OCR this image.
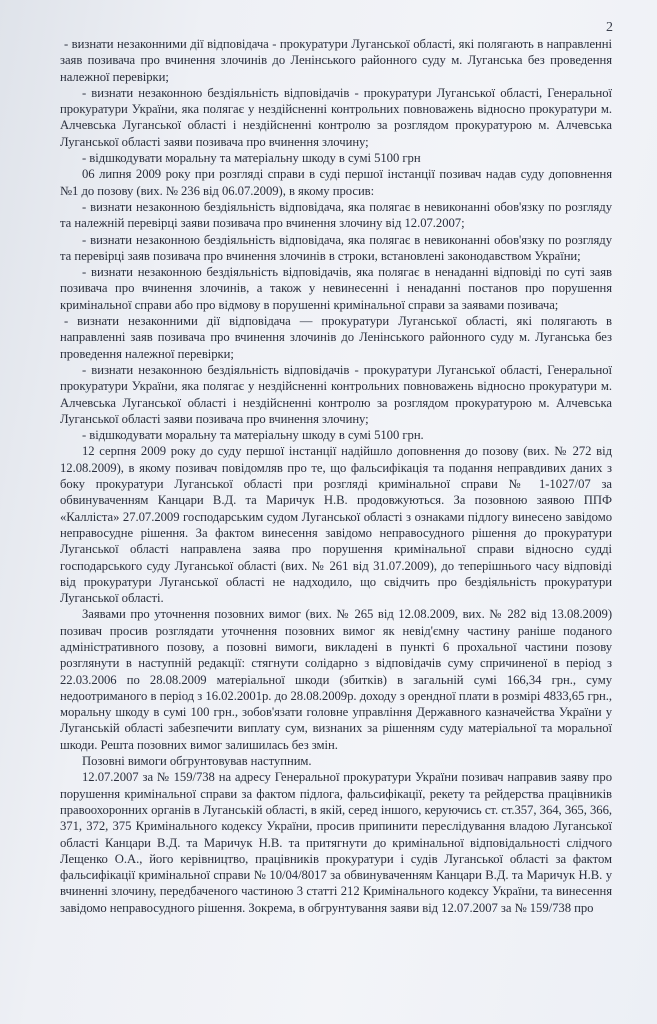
2

- визнати незаконними дії відповідача - прокуратури Луганської області, які полягають в направленні заяв позивача про вчинення злочинів до Ленінського районного суду м. Луганська без проведення належної перевірки;

- визнати незаконною бездіяльність відповідачів - прокуратури Луганської області, Генеральної прокуратури України, яка полягає у нездійсненні контрольних повноважень відносно прокуратури м. Алчевська Луганської області і нездійсненні контролю за розглядом прокуратурою м. Алчевська Луганської області заяви позивача про вчинення злочину;

- відшкодувати моральну та матеріальну шкоду в сумі 5100 грн

06 липня 2009 року при розгляді справи в суді першої інстанції позивач надав суду доповнення №1 до позову (вих. № 236 від 06.07.2009), в якому просив:

- визнати незаконною бездіяльність відповідача, яка полягає в невиконанні обов'язку по розгляду та належній перевірці заяви позивача про вчинення злочину від 12.07.2007;

- визнати незаконною бездіяльність відповідача, яка полягає в невиконанні обов'язку по розгляду та перевірці заяв позивача про вчинення злочинів в строки, встановлені законодавством України;

- визнати незаконною бездіяльність відповідачів, яка полягає в ненаданні відповіді по суті заяв позивача про вчинення злочинів, а також у невинесенні і ненаданні постанов про порушення кримінальної справи або про відмову в порушенні кримінальної справи за заявами позивача;

- визнати незаконними дії відповідача — прокуратури Луганської області, які полягають в направленні заяв позивача про вчинення злочинів до Ленінського районного суду м. Луганська без проведення належної перевірки;

- визнати незаконною бездіяльність відповідачів - прокуратури Луганської області, Генеральної прокуратури України, яка полягає у нездійсненні контрольних повноважень відносно прокуратури м. Алчевська Луганської області і нездійсненні контролю за розглядом прокуратурою м. Алчевська Луганської області заяви позивача про вчинення злочину;

- відшкодувати моральну та матеріальну шкоду в сумі 5100 грн.

12 серпня 2009 року до суду першої інстанції надійшло доповнення до позову (вих. № 272 від 12.08.2009), в якому позивач повідомляв про те, що фальсифікація та подання неправдивих даних з боку прокуратури Луганської області при розгляді кримінальної справи № 1-1027/07 за обвинуваченням Канцари В.Д. та Маричук Н.В. продовжуються. За позовною заявою ППФ «Калліста» 27.07.2009 господарським судом Луганської області з ознаками підлогу винесено завідомо неправосудне рішення. За фактом винесення завідомо неправосудного рішення до прокуратури Луганської області направлена заява про порушення кримінальної справи відносно судді господарського суду Луганської області (вих. № 261 від 31.07.2009), до теперішнього часу відповіді від прокуратури Луганської області не надходило, що свідчить про бездіяльність прокуратури Луганської області.

Заявами про уточнення позовних вимог (вих. № 265 від 12.08.2009, вих. № 282 від 13.08.2009) позивач просив розглядати уточнення позовних вимог як невід'ємну частину раніше поданого адміністративного позову, а позовні вимоги, викладені в пункті 6 прохальної частини позову розглянути в наступній редакції: стягнути солідарно з відповідачів суму спричиненої в період з 22.03.2006 по 28.08.2009 матеріальної шкоди (збитків) в загальній сумі 166,34 грн., суму недоотриманого в період з 16.02.2001р. до 28.08.2009р. доходу з орендної плати в розмірі 4833,65 грн., моральну шкоду в сумі 100 грн., зобов'язати головне управління Державного казначейства України у Луганській області забезпечити виплату сум, визнаних за рішенням суду матеріальної та моральної шкоди. Решта позовних вимог залишилась без змін.

Позовні вимоги обгрунтовував наступним.

12.07.2007 за № 159/738 на адресу Генеральної прокуратури України позивач направив заяву про порушення кримінальної справи за фактом підлога, фальсифікації, рекету та рейдерства працівників правоохоронних органів в Луганській області, в якій, серед іншого, керуючись ст. ст.357, 364, 365, 366, 371, 372, 375 Кримінального кодексу України, просив припинити переслідування владою Луганської області Канцари В.Д. та Маричук Н.В. та притягнути до кримінальної відповідальності слідчого Лещенко О.А., його керівництво, працівників прокуратури і судів Луганської області за фактом фальсифікації кримінальної справи № 10/04/8017 за обвинуваченням Канцари В.Д. та Маричук Н.В. у вчиненні злочину, передбаченого частиною 3 статті 212 Кримінального кодексу України, та винесення завідомо неправосудного рішення. Зокрема, в обгрунтування заяви від 12.07.2007 за № 159/738 про
